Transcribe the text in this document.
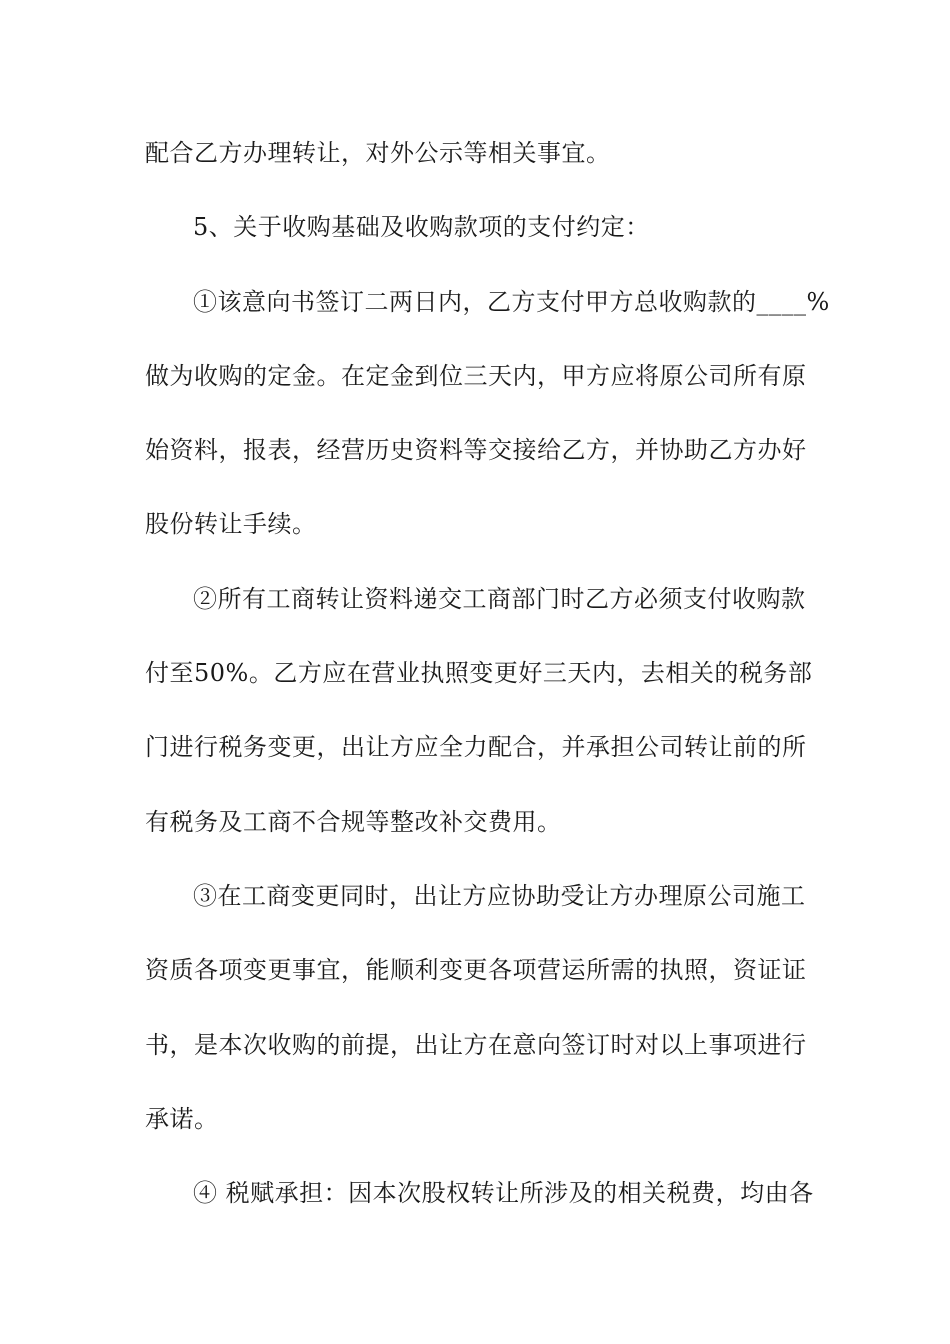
配合乙方办理转让，对外公示等相关事宜。
5、关于收购基础及收购款项的支付约定：
①该意向书签订二两日内，乙方支付甲方总收购款的____%
做为收购的定金。在定金到位三天内，甲方应将原公司所有原
始资料，报表，经营历史资料等交接给乙方，并协助乙方办好
股份转让手续。
②所有工商转让资料递交工商部门时乙方必须支付收购款
付至50%。乙方应在营业执照变更好三天内，去相关的税务部
门进行税务变更，出让方应全力配合，并承担公司转让前的所
有税务及工商不合规等整改补交费用。
③在工商变更同时，出让方应协助受让方办理原公司施工
资质各项变更事宜，能顺利变更各项营运所需的执照，资证证
书，是本次收购的前提，出让方在意向签订时对以上事项进行
承诺。
④ 税赋承担：因本次股权转让所涉及的相关税费，均由各
